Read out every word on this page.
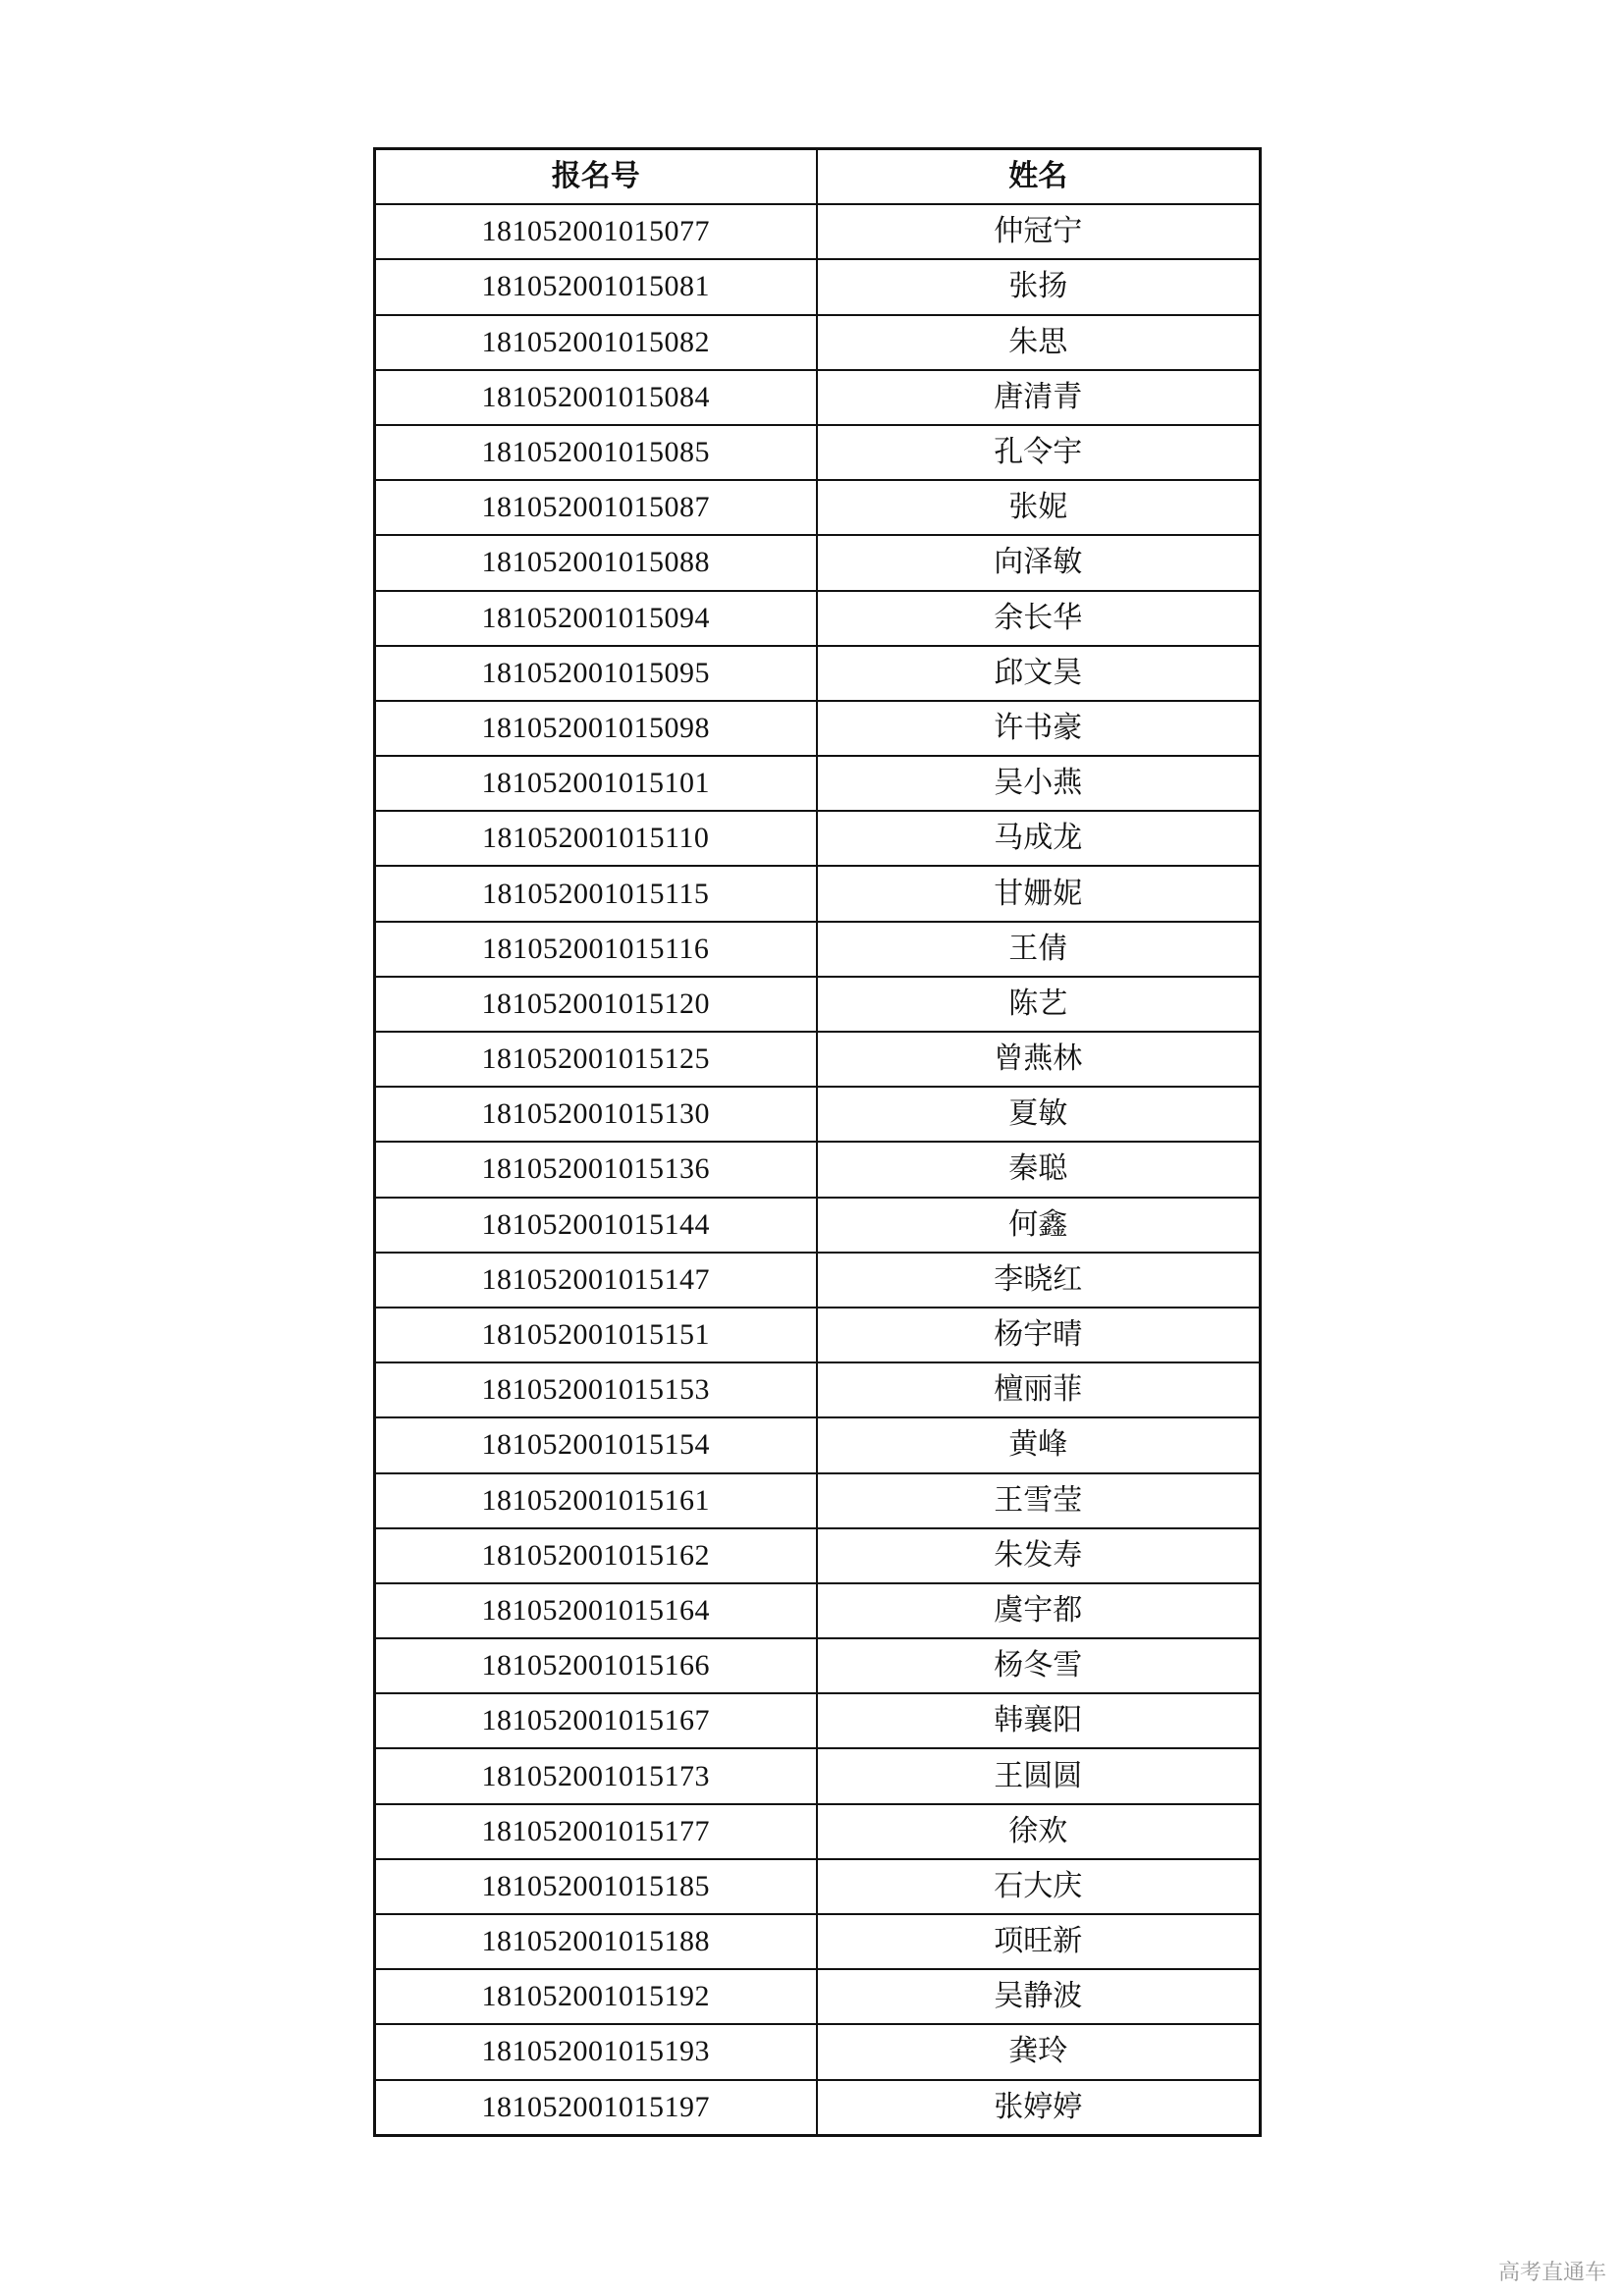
报名号	姓名
181052001015077	仲冠宁
181052001015081	张扬
181052001015082	朱思
181052001015084	唐清青
181052001015085	孔令宇
181052001015087	张妮
181052001015088	向泽敏
181052001015094	余长华
181052001015095	邱文昊
181052001015098	许书豪
181052001015101	吴小燕
181052001015110	马成龙
181052001015115	甘姗妮
181052001015116	王倩
181052001015120	陈艺
181052001015125	曾燕林
181052001015130	夏敏
181052001015136	秦聪
181052001015144	何鑫
181052001015147	李晓红
181052001015151	杨宇晴
181052001015153	檀丽菲
181052001015154	黄峰
181052001015161	王雪莹
181052001015162	朱发寿
181052001015164	虞宇都
181052001015166	杨冬雪
181052001015167	韩襄阳
181052001015173	王圆圆
181052001015177	徐欢
181052001015185	石大庆
181052001015188	项旺新
181052001015192	吴静波
181052001015193	龚玲
181052001015197	张婷婷
高考直通车
